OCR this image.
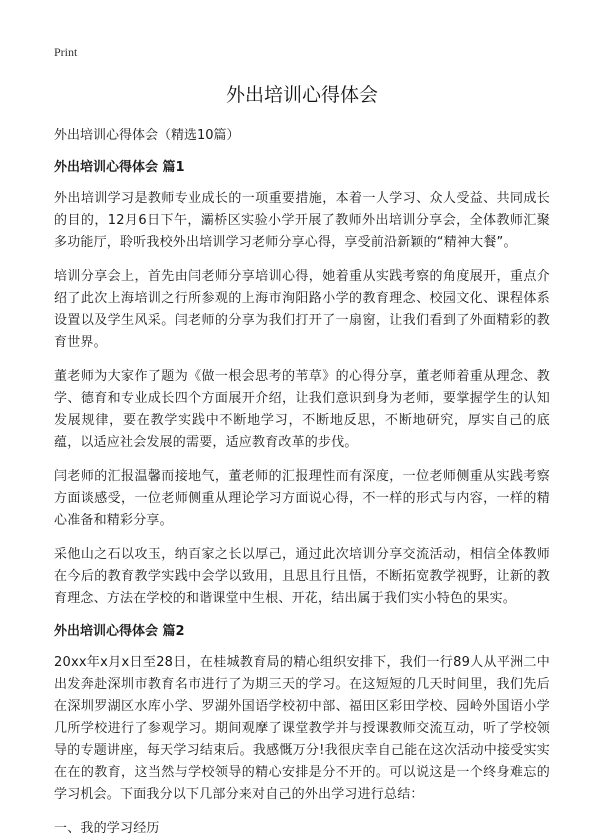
Print
外出培训心得体会
外出培训心得体会（精选10篇）
外出培训心得体会 篇1

外出培训学习是教师专业成长的一项重要措施，本着一人学习、众人受益、共同成长的目的，12月6日下午，灞桥区实验小学开展了教师外出培训分享会，全体教师汇聚多功能厅，聆听我校外出培训学习老师分享心得，享受前沿新颖的“精神大餐”。

培训分享会上，首先由闫老师分享培训心得，她着重从实践考察的角度展开，重点介绍了此次上海培训之行所参观的上海市洵阳路小学的教育理念、校园文化、课程体系设置以及学生风采。闫老师的分享为我们打开了一扇窗，让我们看到了外面精彩的教育世界。

董老师为大家作了题为《做一根会思考的苇草》的心得分享，董老师着重从理念、教学、德育和专业成长四个方面展开介绍，让我们意识到身为老师，要掌握学生的认知发展规律，要在教学实践中不断地学习，不断地反思，不断地研究，厚实自己的底蕴，以适应社会发展的需要，适应教育改革的步伐。

闫老师的汇报温馨而接地气，董老师的汇报理性而有深度，一位老师侧重从实践考察方面谈感受，一位老师侧重从理论学习方面说心得，不一样的形式与内容，一样的精心准备和精彩分享。

采他山之石以攻玉，纳百家之长以厚己，通过此次培训分享交流活动，相信全体教师在今后的教育教学实践中会学以致用，且思且行且悟，不断拓宽教学视野，让新的教育理念、方法在学校的和谐课堂中生根、开花，结出属于我们实小特色的果实。

外出培训心得体会 篇2

20xx年x月x日至28日，在桂城教育局的精心组织安排下，我们一行89人从平洲二中出发奔赴深圳市教育名市进行了为期三天的学习。在这短短的几天时间里，我们先后在深圳罗湖区水库小学、罗湖外国语学校初中部、福田区彩田学校、园岭外国语小学几所学校进行了参观学习。期间观摩了课堂教学并与授课教师交流互动，听了学校领导的专题讲座，每天学习结束后。我感慨万分!我很庆幸自己能在这次活动中接受实实在在的教育，这当然与学校领导的精心安排是分不开的。可以说这是一个终身难忘的学习机会。下面我分以下几部分来对自己的外出学习进行总结：

一、我的学习经历
